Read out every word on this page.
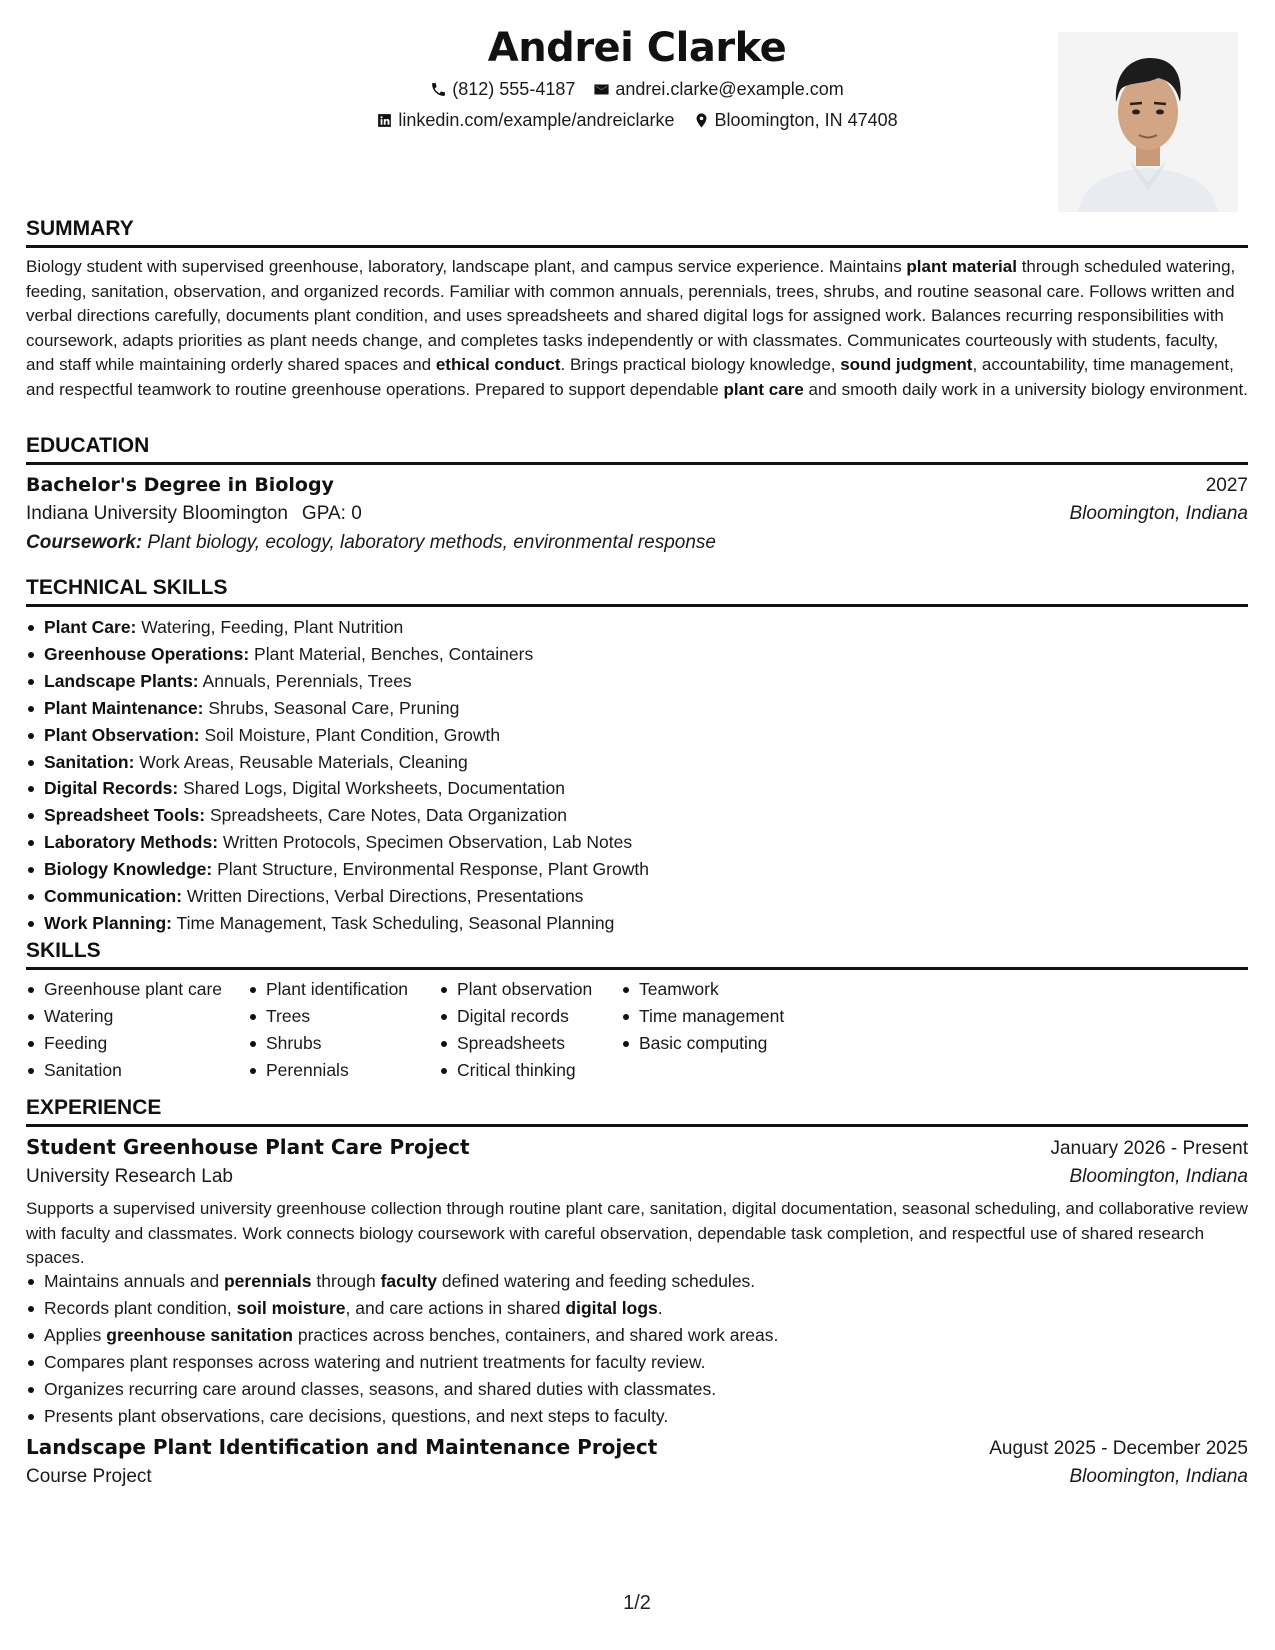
Andrei Clarke
(812) 555-4187 andrei.clarke@example.com
linkedin.com/example/andreiclarke Bloomington, IN 47408
SUMMARY
Biology student with supervised greenhouse, laboratory, landscape plant, and campus service experience. Maintains plant material through scheduled watering, feeding, sanitation, observation, and organized records. Familiar with common annuals, perennials, trees, shrubs, and routine seasonal care. Follows written and verbal directions carefully, documents plant condition, and uses spreadsheets and shared digital logs for assigned work. Balances recurring responsibilities with coursework, adapts priorities as plant needs change, and completes tasks independently or with classmates. Communicates courteously with students, faculty, and staff while maintaining orderly shared spaces and ethical conduct. Brings practical biology knowledge, sound judgment, accountability, time management, and respectful teamwork to routine greenhouse operations. Prepared to support dependable plant care and smooth daily work in a university biology environment.
EDUCATION
Bachelor's Degree in Biology	2027
Indiana University Bloomington GPA: 0	Bloomington, Indiana
Coursework: Plant biology, ecology, laboratory methods, environmental response
TECHNICAL SKILLS
Plant Care: Watering, Feeding, Plant Nutrition
Greenhouse Operations: Plant Material, Benches, Containers
Landscape Plants: Annuals, Perennials, Trees
Plant Maintenance: Shrubs, Seasonal Care, Pruning
Plant Observation: Soil Moisture, Plant Condition, Growth
Sanitation: Work Areas, Reusable Materials, Cleaning
Digital Records: Shared Logs, Digital Worksheets, Documentation
Spreadsheet Tools: Spreadsheets, Care Notes, Data Organization
Laboratory Methods: Written Protocols, Specimen Observation, Lab Notes
Biology Knowledge: Plant Structure, Environmental Response, Plant Growth
Communication: Written Directions, Verbal Directions, Presentations
Work Planning: Time Management, Task Scheduling, Seasonal Planning
SKILLS
Greenhouse plant care
Watering
Feeding
Sanitation
Plant identification
Trees
Shrubs
Perennials
Plant observation
Digital records
Spreadsheets
Critical thinking
Teamwork
Time management
Basic computing
EXPERIENCE
Student Greenhouse Plant Care Project	January 2026 - Present
University Research Lab	Bloomington, Indiana
Supports a supervised university greenhouse collection through routine plant care, sanitation, digital documentation, seasonal scheduling, and collaborative review with faculty and classmates. Work connects biology coursework with careful observation, dependable task completion, and respectful use of shared research spaces.
Maintains annuals and perennials through faculty defined watering and feeding schedules.
Records plant condition, soil moisture, and care actions in shared digital logs.
Applies greenhouse sanitation practices across benches, containers, and shared work areas.
Compares plant responses across watering and nutrient treatments for faculty review.
Organizes recurring care around classes, seasons, and shared duties with classmates.
Presents plant observations, care decisions, questions, and next steps to faculty.
Landscape Plant Identification and Maintenance Project	August 2025 - December 2025
Course Project	Bloomington, Indiana
1/2
